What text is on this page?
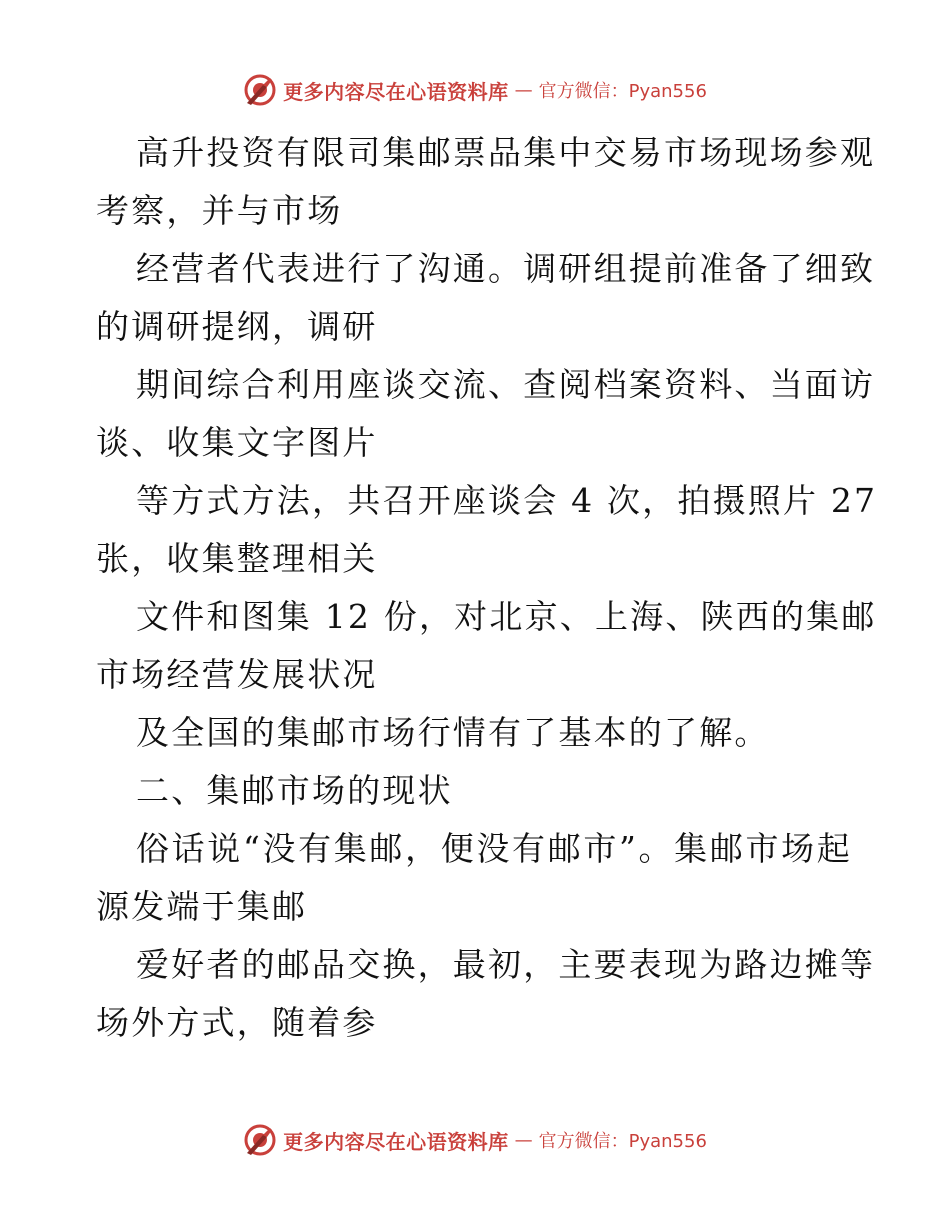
更多内容尽在心语资料库 — 官方微信：Pyan556
高升投资有限司集邮票品集中交易市场现场参观
考察，并与市场
经营者代表进行了沟通。调研组提前准备了细致
的调研提纲，调研
期间综合利用座谈交流、查阅档案资料、当面访
谈、收集文字图片
等方式方法，共召开座谈会 4 次，拍摄照片 27
张，收集整理相关
文件和图集 12 份，对北京、上海、陕西的集邮
市场经营发展状况
及全国的集邮市场行情有了基本的了解。
二、集邮市场的现状
俗话说“没有集邮，便没有邮市”。集邮市场起
源发端于集邮
爱好者的邮品交换，最初，主要表现为路边摊等
场外方式，随着参
更多内容尽在心语资料库 — 官方微信：Pyan556
